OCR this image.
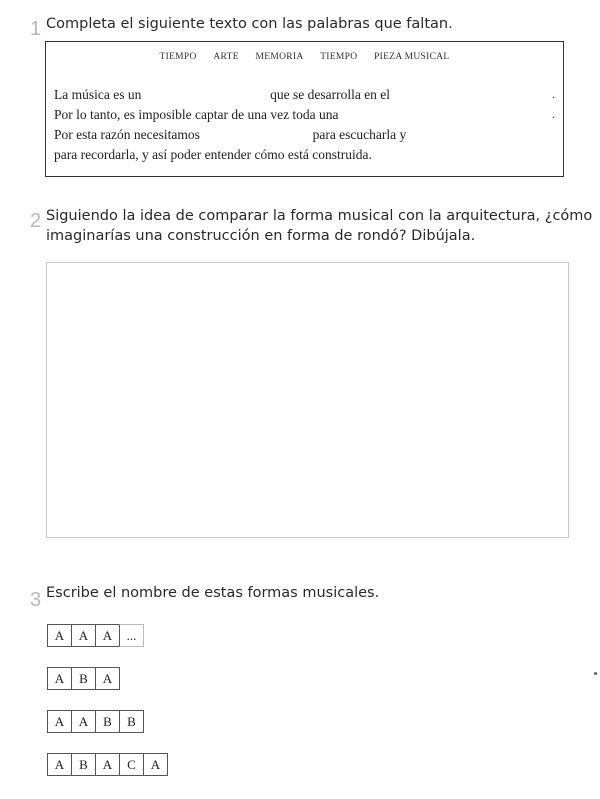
1 Completa el siguiente texto con las palabras que faltan.
TIEMPO ARTE MEMORIA TIEMPO PIEZA MUSICAL
La música es un	que se desarrolla en el	.
Por lo tanto, es imposible captar de una vez toda una	.
Por esta razón necesitamos	para escucharla y
para recordarla, y así poder entender cómo está construida.
2 Siguiendo la idea de comparar la forma musical con la arquitectura, ¿cómo
imaginarías una construcción en forma de rondó? Dibújala.
3 Escribe el nombre de estas formas musicales.
A	A	A	...
A	B	A
A	A	B	B
A	B	A	C	A
